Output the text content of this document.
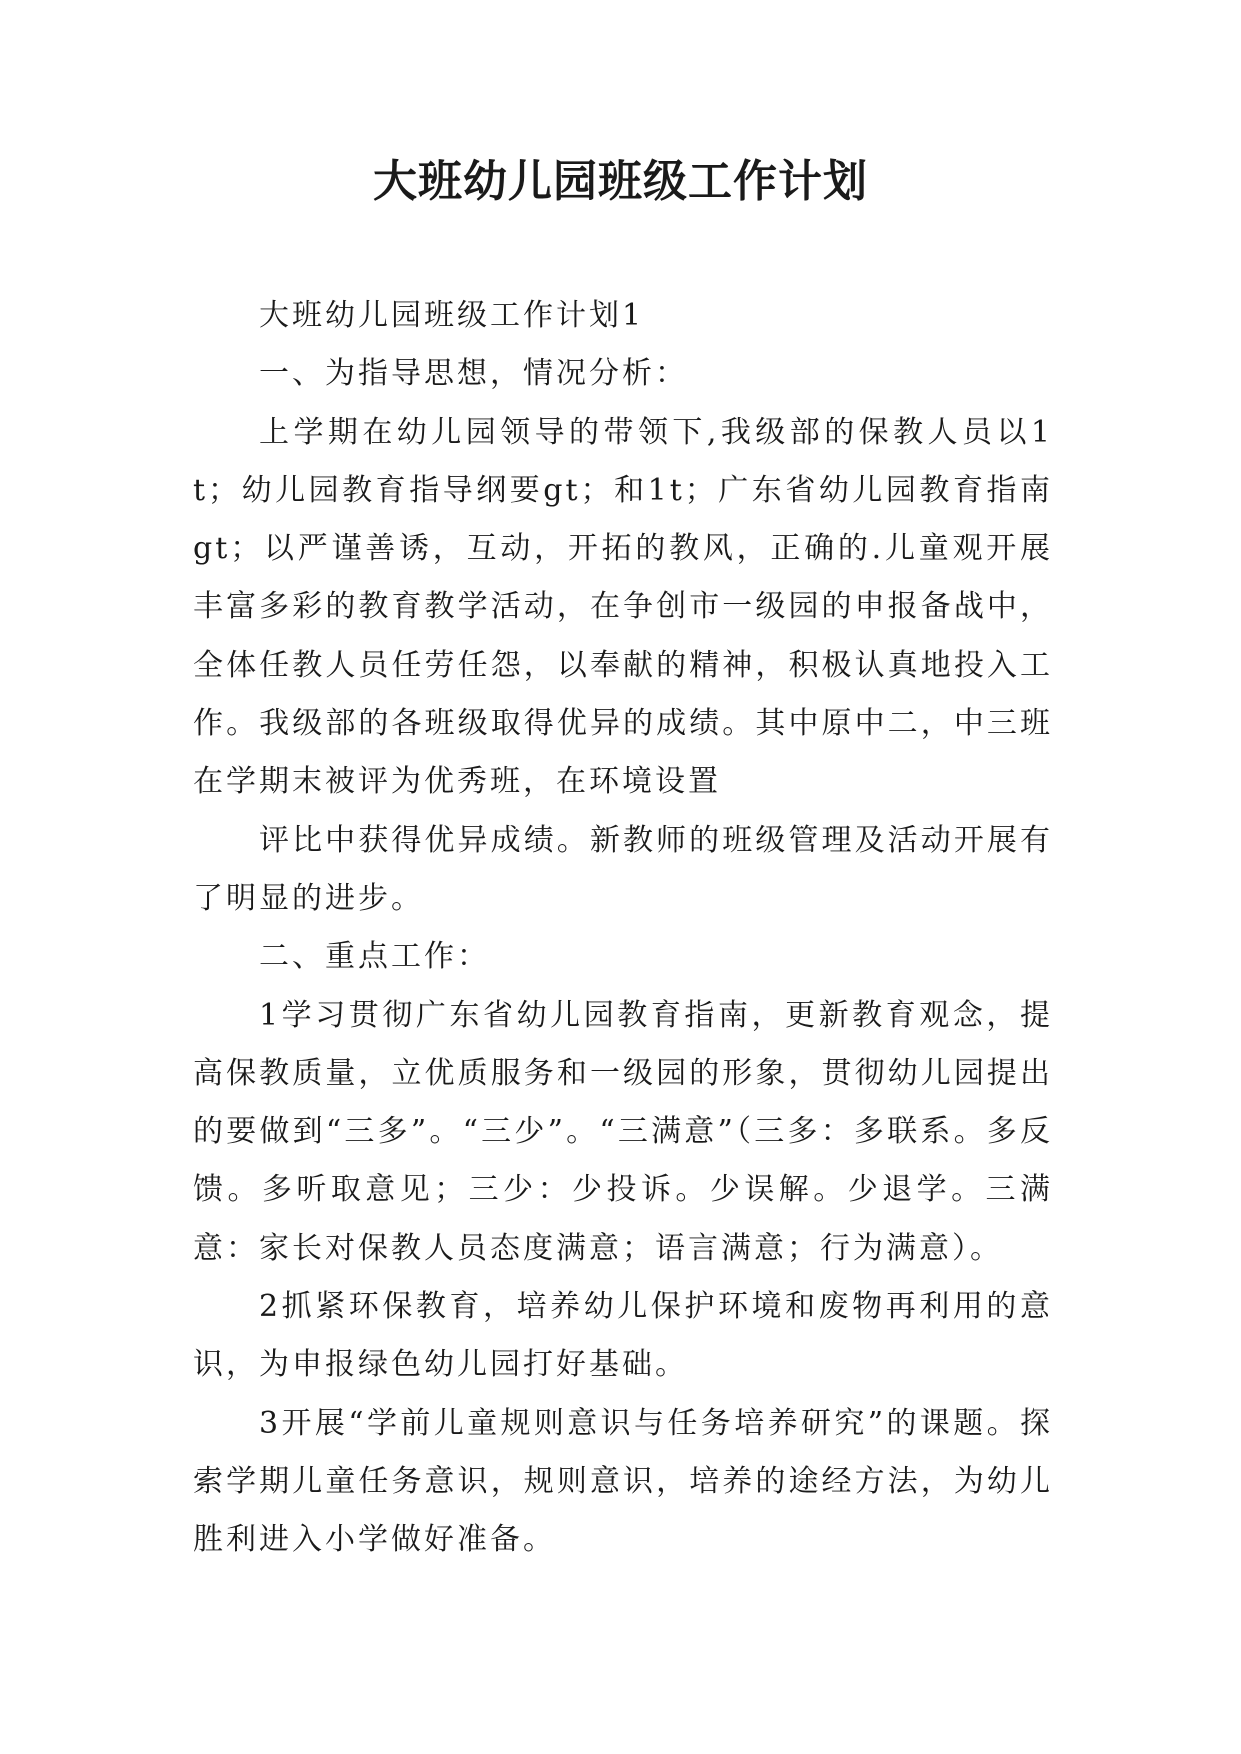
大班幼儿园班级工作计划

大班幼儿园班级工作计划1

一、为指导思想，情况分析：

上学期在幼儿园领导的带领下,我级部的保教人员以1t；幼儿园教育指导纲要gt；和1t；广东省幼儿园教育指南gt；以严谨善诱，互动，开拓的教风，正确的.儿童观开展丰富多彩的教育教学活动，在争创市一级园的申报备战中，全体任教人员任劳任怨，以奉献的精神，积极认真地投入工作。我级部的各班级取得优异的成绩。其中原中二，中三班在学期末被评为优秀班，在环境设置

评比中获得优异成绩。新教师的班级管理及活动开展有了明显的进步。

二、重点工作：

1学习贯彻广东省幼儿园教育指南，更新教育观念，提高保教质量，立优质服务和一级园的形象，贯彻幼儿园提出的要做到“三多”。“三少”。“三满意”（三多：多联系。多反馈。多听取意见；三少：少投诉。少误解。少退学。三满意：家长对保教人员态度满意；语言满意；行为满意）。

2抓紧环保教育，培养幼儿保护环境和废物再利用的意识，为申报绿色幼儿园打好基础。

3开展“学前儿童规则意识与任务培养研究”的课题。探索学期儿童任务意识，规则意识，培养的途经方法，为幼儿胜利进入小学做好准备。
